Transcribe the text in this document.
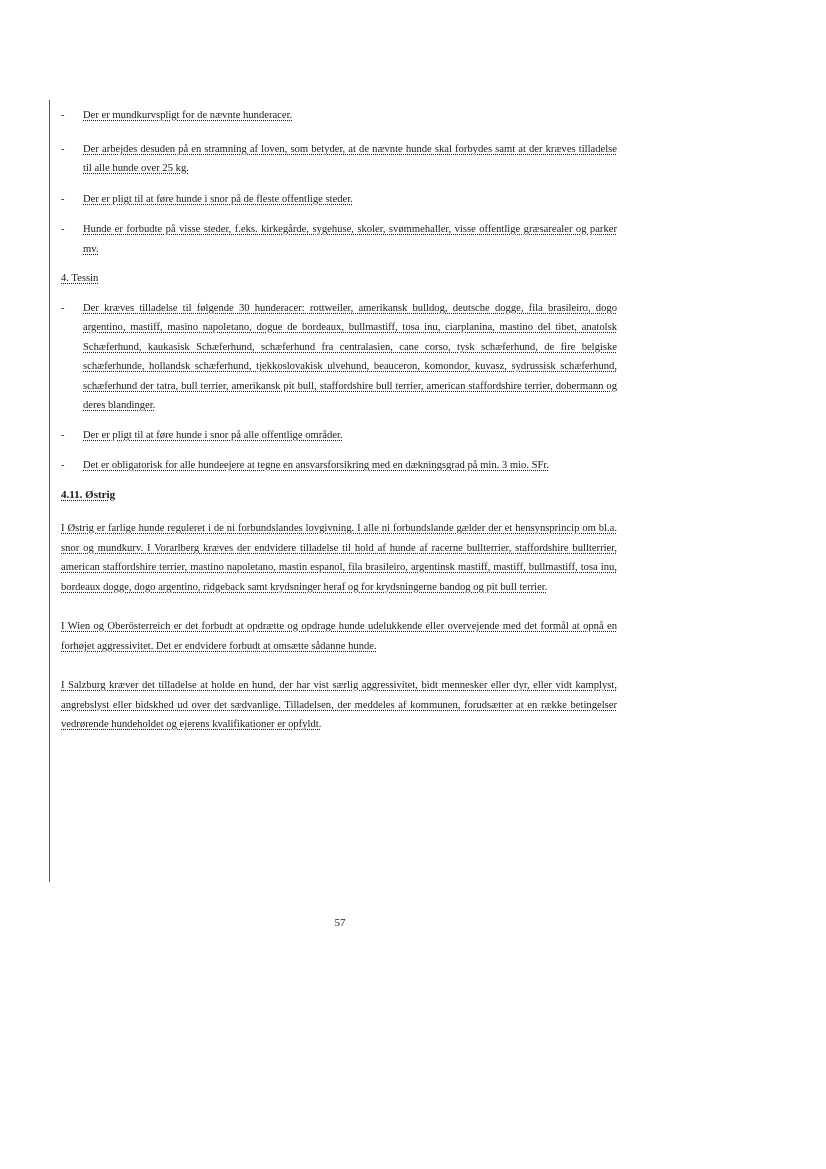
- Der er mundkurvspligt for de nævnte hunderacer.

- Der arbejdes desuden på en stramning af loven, som betyder, at de nævnte hunde skal forbydes samt at der kræves tilladelse til alle hunde over 25 kg.

- Der er pligt til at føre hunde i snor på de fleste offentlige steder.

- Hunde er forbudte på visse steder, f.eks. kirkegårde, sygehuse, skoler, svømmehaller, visse offentlige græsarealer og parker mv.

4. Tessin

- Der kræves tilladelse til følgende 30 hunderacer: rottweiler, amerikansk bulldog, deutsche dogge, fila brasileiro, dogo argentino, mastiff, masino napoletano, dogue de bordeaux, bullmastiff, tosa inu, ciarplanina, mastino del tibet, anatolsk Schæferhund, kaukasisk Schæferhund, schæferhund fra centralasien, cane corso, tysk schæferhund, de fire belgiske schæferhunde, hollandsk schæferhund, tjekkoslovakisk ulvehund, beauceron, komondor, kuvasz, sydrussisk schæferhund, schæferhund der tatra, bull terrier, amerikansk pit bull, staffordshire bull terrier, american staffordshire terrier, dobermann og deres blandinger.

- Der er pligt til at føre hunde i snor på alle offentlige områder.

- Det er obligatorisk for alle hundeejere at tegne en ansvarsforsikring med en dækningsgrad på min. 3 mio. SFr.

4.11. Østrig

I Østrig er farlige hunde reguleret i de ni forbundslandes lovgivning. I alle ni forbundslande gælder der et hensynsprincip om bl.a. snor og mundkurv. I Vorarlberg kræves der endvidere tilladelse til hold af hunde af racerne bullterrier, staffordshire bullterrier, american staffordshire terrier, mastino napoletano, mastin espanol, fila brasileiro, argentinsk mastiff, mastiff, bullmastiff, tosa inu, bordeaux dogge, dogo argentino, ridgeback samt krydsninger heraf og for krydsningerne bandog og pit bull terrier.

I Wien og Oberösterreich er det forbudt at opdrætte og opdrage hunde udelukkende eller overvejende med det formål at opnå en forhøjet aggressivitet. Det er endvidere forbudt at omsætte sådanne hunde.

I Salzburg kræver det tilladelse at holde en hund, der har vist særlig aggressivitet, bidt mennesker eller dyr, eller vidt kamplyst, angrebslyst eller bidskhed ud over det sædvanlige. Tilladelsen, der meddeles af kommunen, forudsætter at en række betingelser vedrørende hundeholdet og ejerens kvalifikationer er opfyldt.

57
